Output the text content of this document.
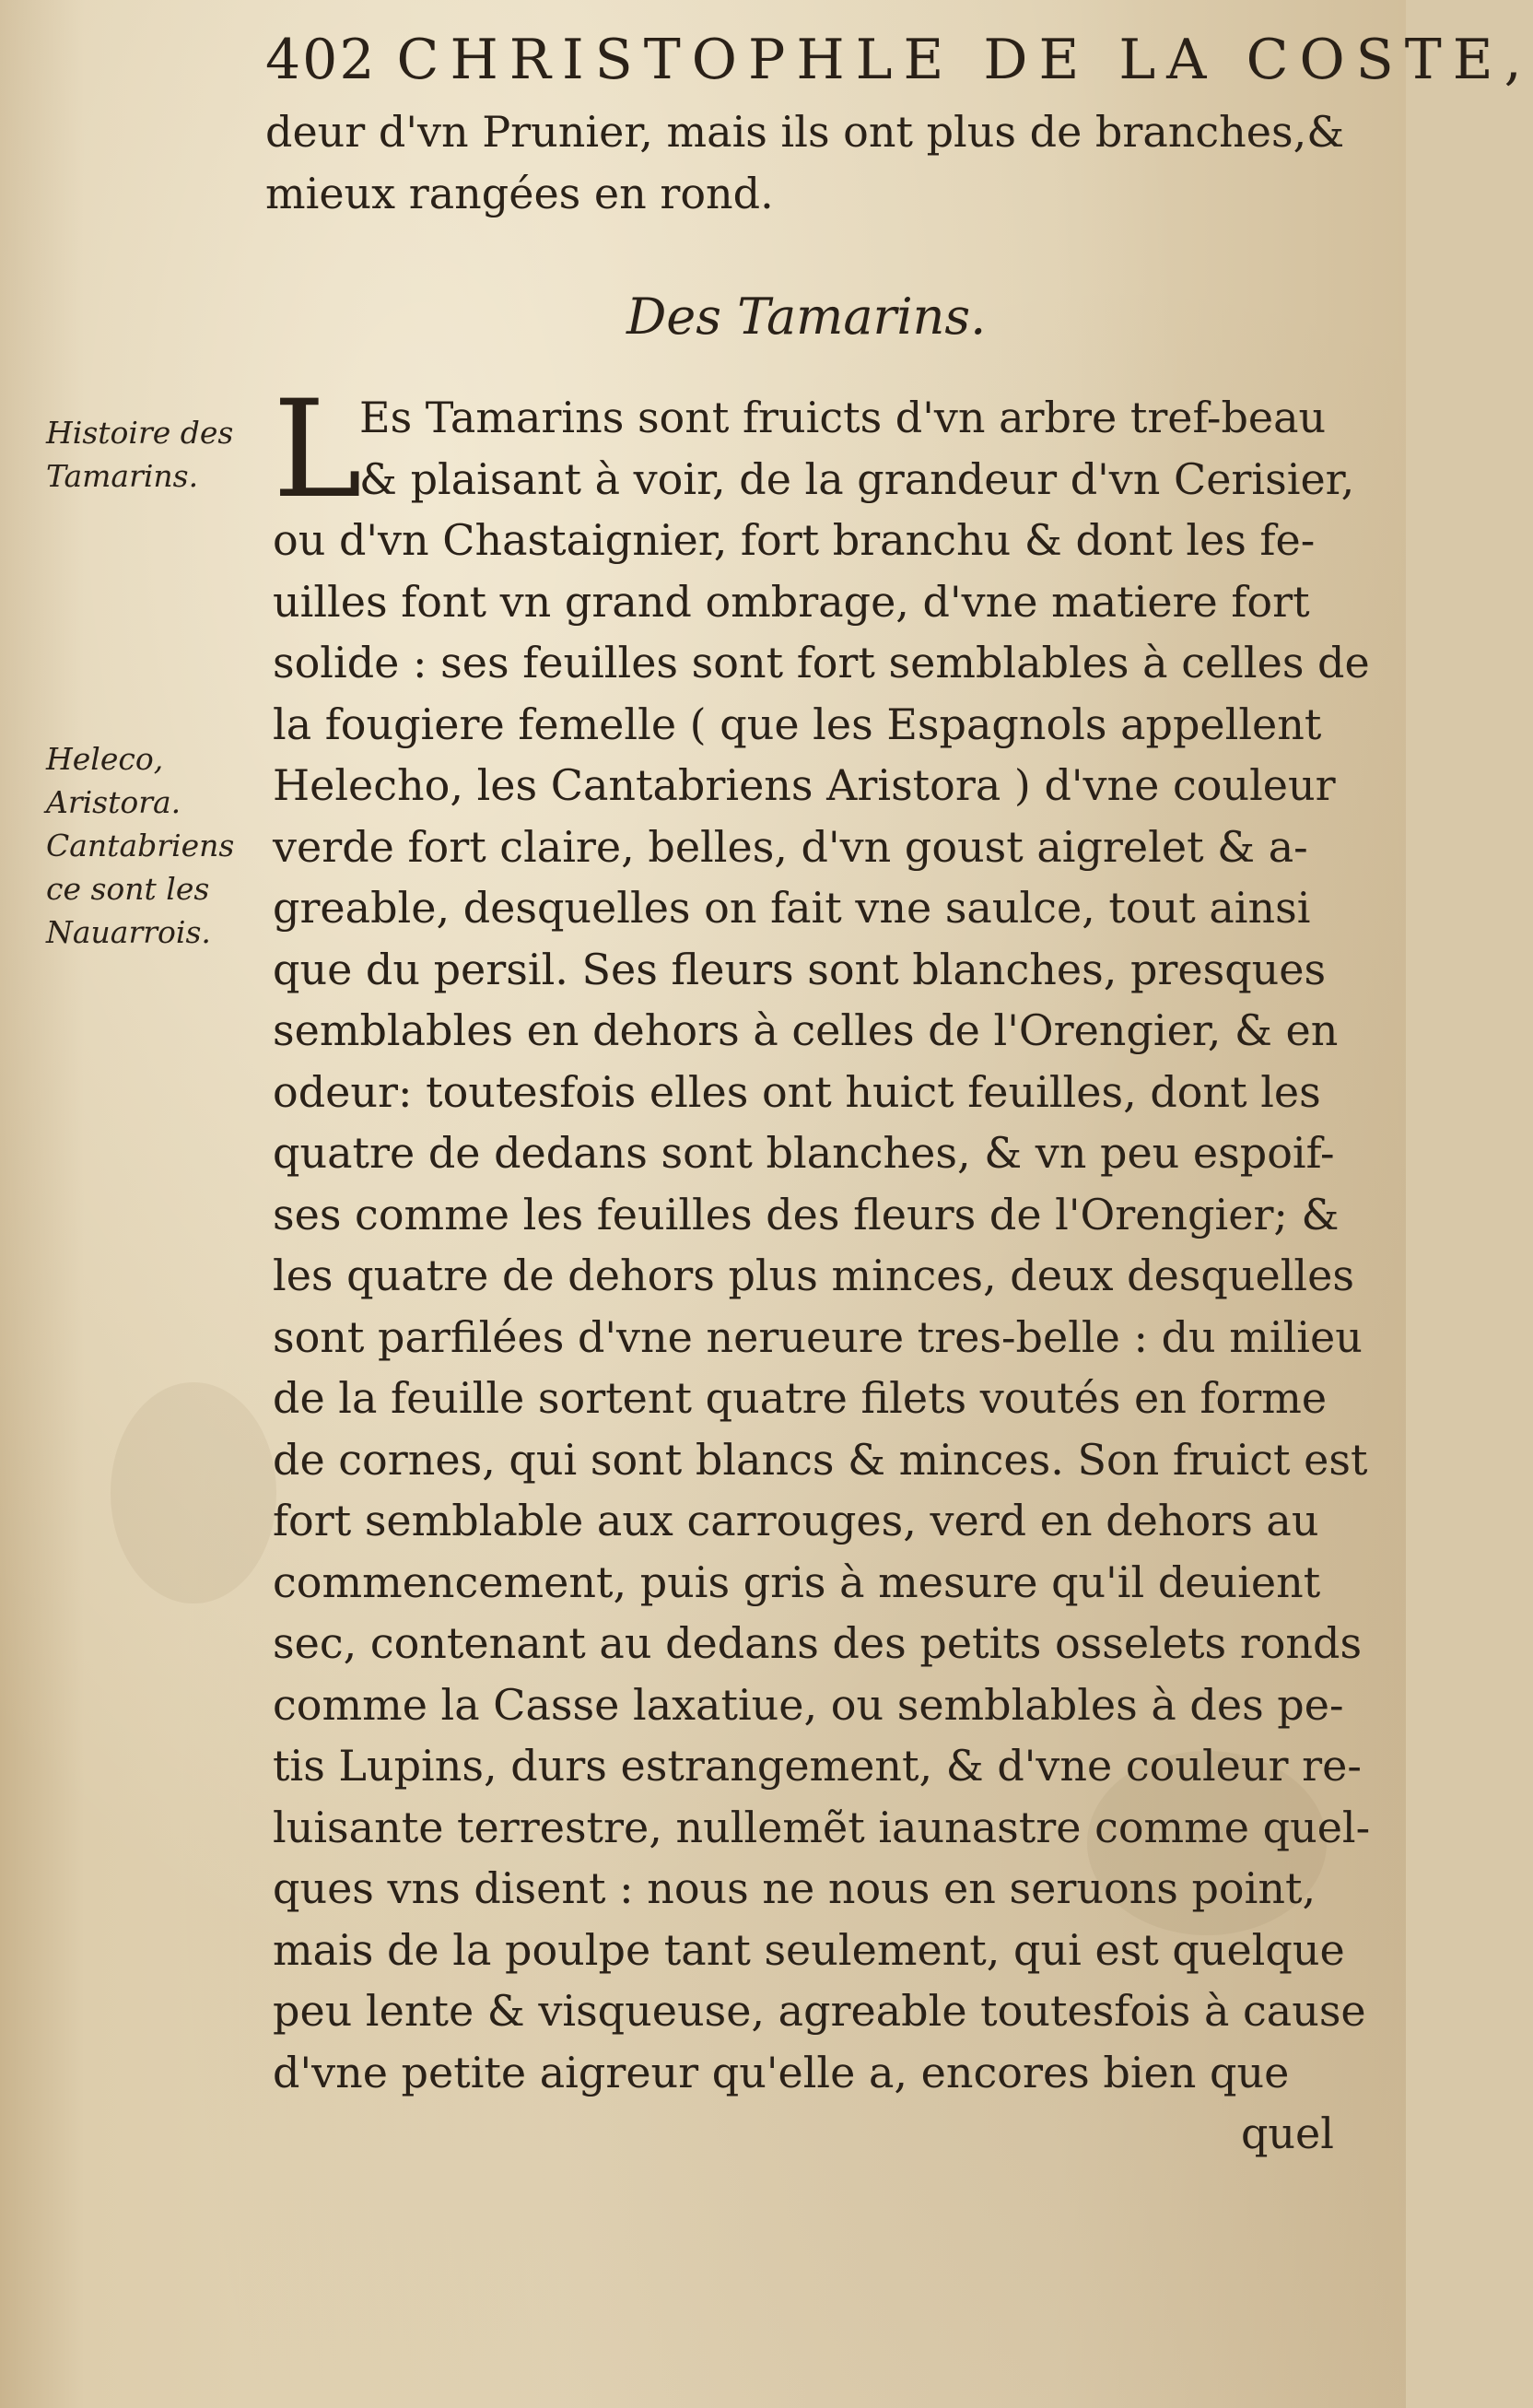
402 CHRISTOPHLE DE LA COSTE,
deur d'vn Prunier, mais ils ont plus de branches,&
mieux rangées en rond.
Des Tamarins.
Histoire des
Tamarins.
Heleco,
Aristora.
Cantabriens
ce sont les
Nauarrois.
L
Es Tamarins sont fruicts d'vn arbre tref-beau
& plaisant à voir, de la grandeur d'vn Cerisier,
ou d'vn Chastaignier, fort branchu & dont les fe-
uilles font vn grand ombrage, d'vne matiere fort
solide : ses feuilles sont fort semblables à celles de
la fougiere femelle ( que les Espagnols appellent
Helecho, les Cantabriens Aristora ) d'vne couleur
verde fort claire, belles, d'vn goust aigrelet & a-
greable, desquelles on fait vne saulce, tout ainsi
que du persil. Ses fleurs sont blanches, presques
semblables en dehors à celles de l'Orengier, & en
odeur: toutesfois elles ont huict feuilles, dont les
quatre de dedans sont blanches, & vn peu espoif-
ses comme les feuilles des fleurs de l'Orengier; &
les quatre de dehors plus minces, deux desquelles
sont parfilées d'vne nerueure tres-belle : du milieu
de la feuille sortent quatre filets voutés en forme
de cornes, qui sont blancs & minces. Son fruict est
fort semblable aux carrouges, verd en dehors au
commencement, puis gris à mesure qu'il deuient
sec, contenant au dedans des petits osselets ronds
comme la Casse laxatiue, ou semblables à des pe-
tis Lupins, durs estrangement, & d'vne couleur re-
luisante terrestre, nullemẽt iaunastre comme quel-
ques vns disent : nous ne nous en seruons point,
mais de la poulpe tant seulement, qui est quelque
peu lente & visqueuse, agreable toutesfois à cause
d'vne petite aigreur qu'elle a, encores bien que
quel
